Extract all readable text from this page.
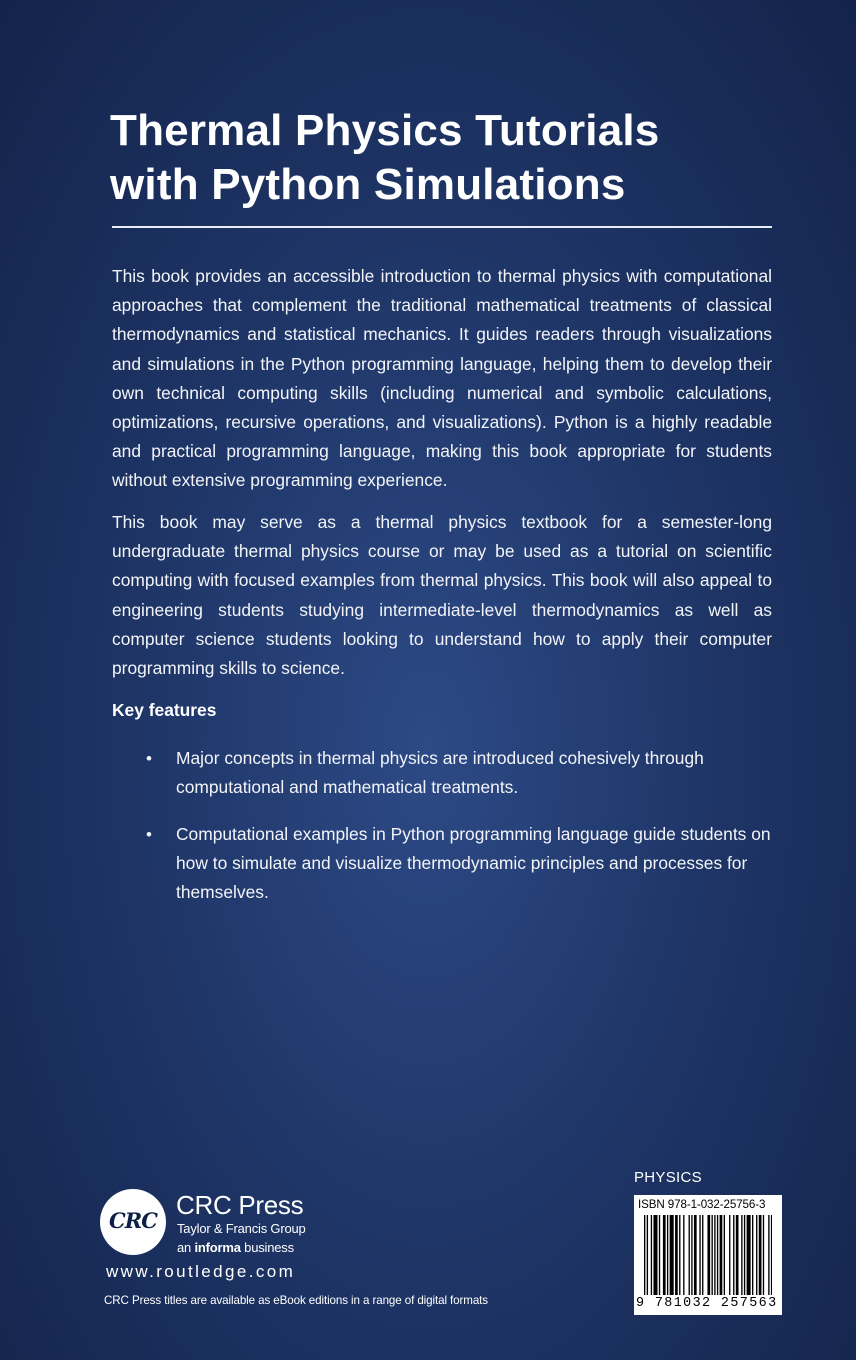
Thermal Physics Tutorials
with Python Simulations
This book provides an accessible introduction to thermal physics with computational approaches that complement the traditional mathematical treatments of classical thermodynamics and statistical mechanics. It guides readers through visualizations and simulations in the Python programming language, helping them to develop their own technical computing skills (including numerical and symbolic calculations, optimizations, recursive operations, and visualizations). Python is a highly readable and practical programming language, making this book appropriate for students without extensive programming experience.
This book may serve as a thermal physics textbook for a semester-long undergraduate thermal physics course or may be used as a tutorial on scientific computing with focused examples from thermal physics. This book will also appeal to engineering students studying intermediate-level thermodynamics as well as computer science students looking to understand how to apply their computer programming skills to science.
Key features
• Major concepts in thermal physics are introduced cohesively through computational and mathematical treatments.
• Computational examples in Python programming language guide students on how to simulate and visualize thermodynamic principles and processes for themselves.
CRC
CRC Press
Taylor & Francis Group
an informa business
www.routledge.com
CRC Press titles are available as eBook editions in a range of digital formats
PHYSICS
ISBN 978-1-032-25756-3
9 781032 257563
